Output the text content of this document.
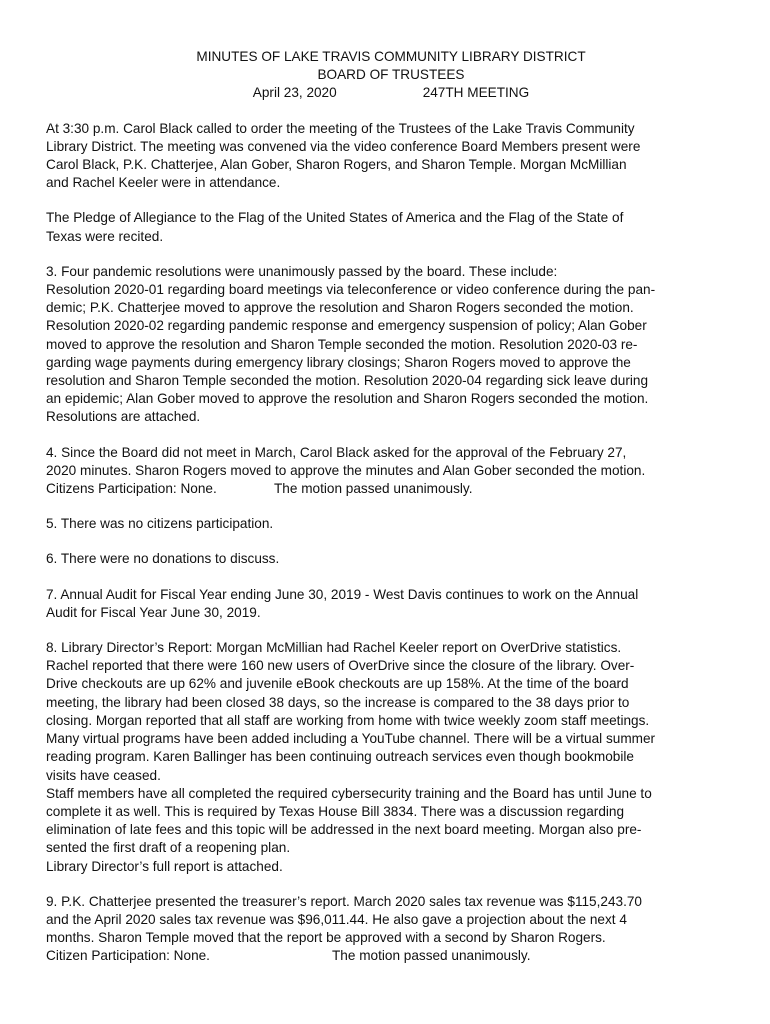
MINUTES OF LAKE TRAVIS COMMUNITY LIBRARY DISTRICT
BOARD OF TRUSTEES
April 23, 2020	247TH MEETING
At 3:30 p.m. Carol Black called to order the meeting of the Trustees of the Lake Travis Community
Library District. The meeting was convened via the video conference Board Members present were
Carol Black, P.K. Chatterjee, Alan Gober, Sharon Rogers, and Sharon Temple. Morgan McMillian
and Rachel Keeler were in attendance.
The Pledge of Allegiance to the Flag of the United States of America and the Flag of the State of
Texas were recited.
3. Four pandemic resolutions were unanimously passed by the board. These include:
Resolution 2020-01 regarding board meetings via teleconference or video conference during the pan-
demic; P.K. Chatterjee moved to approve the resolution and Sharon Rogers seconded the motion.
Resolution 2020-02 regarding pandemic response and emergency suspension of policy; Alan Gober
moved to approve the resolution and Sharon Temple seconded the motion. Resolution 2020-03 re-
garding wage payments during emergency library closings; Sharon Rogers moved to approve the
resolution and Sharon Temple seconded the motion. Resolution 2020-04 regarding sick leave during
an epidemic; Alan Gober moved to approve the resolution and Sharon Rogers seconded the motion.
Resolutions are attached.
4. Since the Board did not meet in March, Carol Black asked for the approval of the February 27,
2020 minutes. Sharon Rogers moved to approve the minutes and Alan Gober seconded the motion.
Citizens Participation: None.	The motion passed unanimously.
5. There was no citizens participation.
6. There were no donations to discuss.
7. Annual Audit for Fiscal Year ending June 30, 2019 - West Davis continues to work on the Annual
Audit for Fiscal Year June 30, 2019.
8. Library Director’s Report: Morgan McMillian had Rachel Keeler report on OverDrive statistics.
Rachel reported that there were 160 new users of OverDrive since the closure of the library. Over-
Drive checkouts are up 62% and juvenile eBook checkouts are up 158%. At the time of the board
meeting, the library had been closed 38 days, so the increase is compared to the 38 days prior to
closing. Morgan reported that all staff are working from home with twice weekly zoom staff meetings.
Many virtual programs have been added including a YouTube channel. There will be a virtual summer
reading program. Karen Ballinger has been continuing outreach services even though bookmobile
visits have ceased.
Staff members have all completed the required cybersecurity training and the Board has until June to
complete it as well. This is required by Texas House Bill 3834. There was a discussion regarding
elimination of late fees and this topic will be addressed in the next board meeting. Morgan also pre-
sented the first draft of a reopening plan.
Library Director’s full report is attached.
9. P.K. Chatterjee presented the treasurer’s report. March 2020 sales tax revenue was $115,243.70
and the April 2020 sales tax revenue was $96,011.44. He also gave a projection about the next 4
months. Sharon Temple moved that the report be approved with a second by Sharon Rogers.
Citizen Participation: None.	The motion passed unanimously.
